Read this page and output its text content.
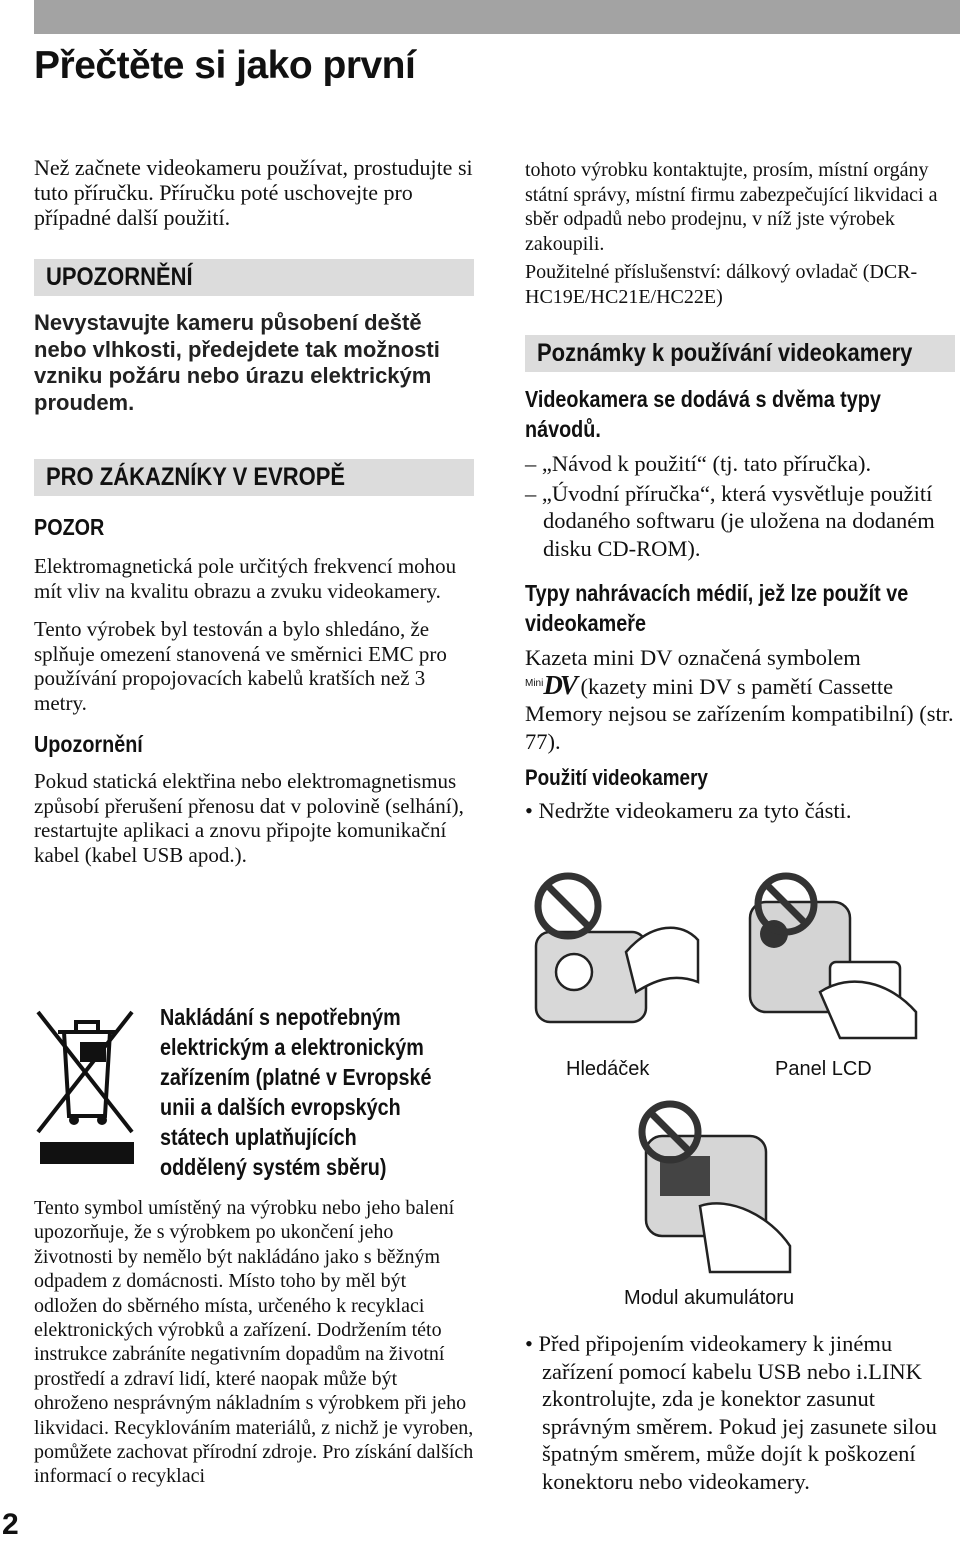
Přečtěte si jako první
Než začnete videokameru používat, prostudujte si tuto příručku. Příručku poté uschovejte pro případné další použití.
UPOZORNĚNÍ
Nevystavujte kameru působení deště nebo vlhkosti, předejdete tak možnosti vzniku požáru nebo úrazu elektrickým proudem.
PRO ZÁKAZNÍKY V EVROPĚ
POZOR
Elektromagnetická pole určitých frekvencí mohou mít vliv na kvalitu obrazu a zvuku videokamery.
Tento výrobek byl testován a bylo shledáno, že splňuje omezení stanovená ve směrnici EMC pro používání propojovacích kabelů kratších než 3 metry.
Upozornění
Pokud statická elektřina nebo elektromagnetismus způsobí přerušení přenosu dat v polovině (selhání), restartujte aplikaci a znovu připojte komunikační kabel (kabel USB apod.).
Nakládání s nepotřebným
elektrickým a elektronickým
zařízením (platné v Evropské
unii a dalších evropských
státech uplatňujících
oddělený systém sběru)
Tento symbol umístěný na výrobku nebo jeho balení upozorňuje, že s výrobkem po ukončení jeho životnosti by nemělo být nakládáno jako s běžným odpadem z domácnosti. Místo toho by měl být odložen do sběrného místa, určeného k recyklaci elektronických výrobků a zařízení. Dodržením této instrukce zabráníte negativním dopadům na životní prostředí a zdraví lidí, které naopak může být ohroženo nesprávným nákladním s výrobkem při jeho likvidaci. Recyklováním materiálů, z nichž je vyroben, pomůžete zachovat přírodní zdroje. Pro získání dalších informací o recyklaci
tohoto výrobku kontaktujte, prosím, místní orgány státní správy, místní firmu zabezpečující likvidaci a sběr odpadů nebo prodejnu, v níž jste výrobek zakoupili.
Použitelné příslušenství: dálkový ovladač (DCR-HC19E/HC21E/HC22E)
Poznámky k používání videokamery
Videokamera se dodává s dvěma typy
návodů.
– „Návod k použití“ (tj. tato příručka).
– „Úvodní příručka“, která vysvětluje použití dodaného softwaru (je uložena na dodaném disku CD-ROM).
Typy nahrávacích médií, jež lze použít ve
videokameře
Kazeta mini DV označená symbolem
$^{Mini}$DV (kazety mini DV s pamětí Cassette Memory nejsou se zařízením kompatibilní) (str. 77).
Použití videokamery
• Nedržte videokameru za tyto části.
Hledáček	Panel LCD
Modul akumulátoru
• Před připojením videokamery k jinému zařízení pomocí kabelu USB nebo i.LINK zkontrolujte, zda je konektor zasunut správným směrem. Pokud jej zasunete silou špatným směrem, může dojít k poškození konektoru nebo videokamery.
2
